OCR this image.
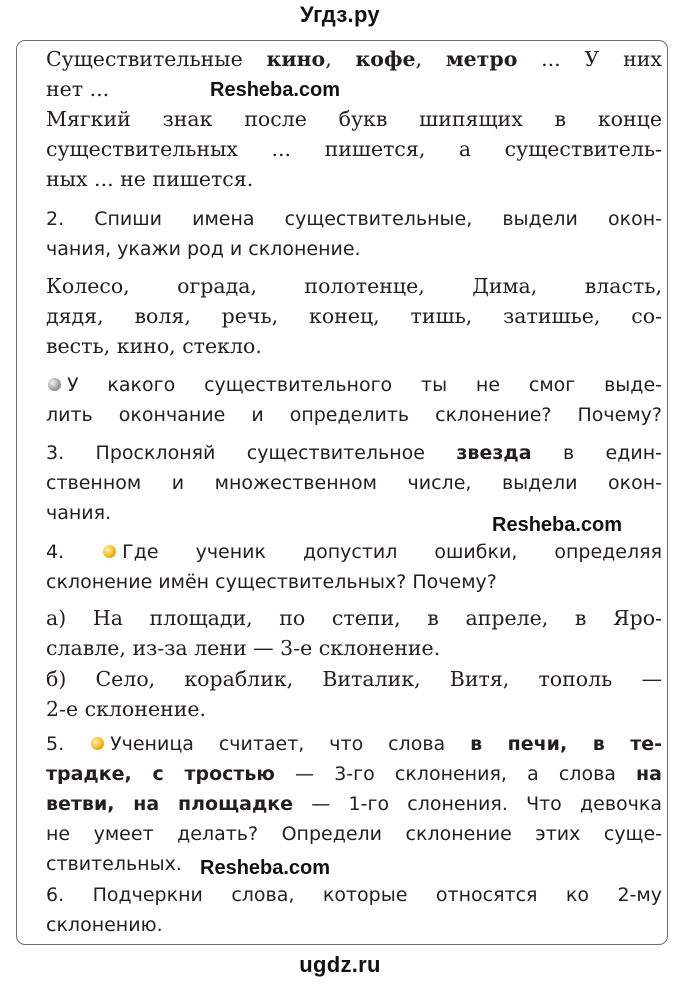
Угдз.ру
Существительные кино, кофе, метро ... У них
нет ...
Мягкий знак после букв шипящих в конце
существительных ... пишется, а существитель-
ных ... не пишется.
Resheba.com
2. Спиши имена существительные, выдели окон-
чания, укажи род и склонение.
Колесо, ограда, полотенце, Дима, власть,
дядя, воля, речь, конец, тишь, затишье, со-
весть, кино, стекло.
У какого существительного ты не смог выде-
лить окончание и определить склонение? Почему?
3. Просклоняй существительное звезда в един-
ственном и множественном числе, выдели окон-
чания.
Resheba.com
4.	Где ученик допустил ошибки, определяя
склонение имён существительных? Почему?
а) На площади, по степи, в апреле, в Яро-
славле, из-за лени — 3-е склонение.
б) Село, кораблик, Виталик, Витя, тополь —
2-е склонение.
5. Ученица считает, что слова в печи, в те-
традке, с тростью — 3-го склонения, а слова на
ветви, на площадке — 1-го слонения. Что девочка
не умеет делать? Определи склонение этих суще-
ствительных. Resheba.com
6. Подчеркни слова, которые относятся ко 2-му
склонению.
ugdz.ru
